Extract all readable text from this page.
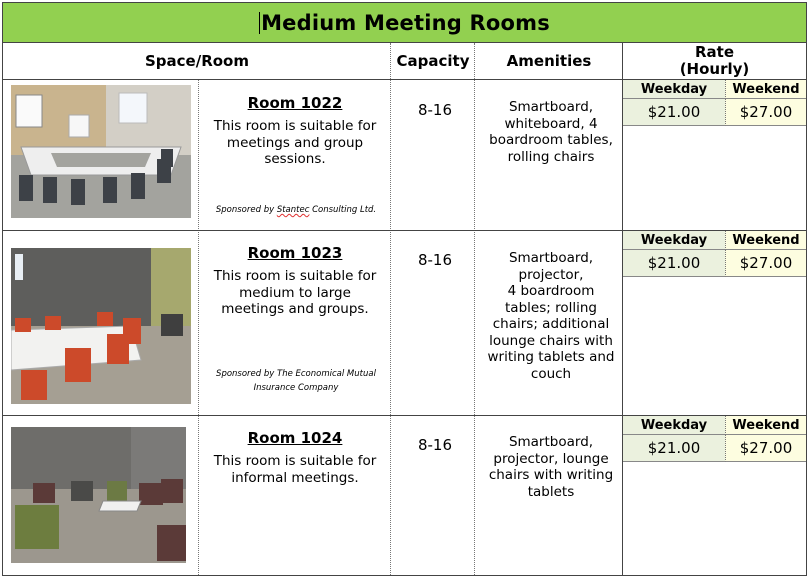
Medium Meeting Rooms
Space/Room	Capacity	Amenities	Rate
(Hourly)
Room 1022
This room is suitable for meetings and group sessions.
Sponsored by Stantec Consulting Ltd.
8-16	Smartboard, whiteboard, 4 boardroom tables, rolling chairs
Weekday	Weekend
$21.00	$27.00
Room 1023
This room is suitable for medium to large meetings and groups.
Sponsored by The Economical Mutual
Insurance Company
8-16	Smartboard,
projector,
4 boardroom
tables; rolling
chairs; additional
lounge chairs with
writing tablets and
couch
Weekday	Weekend
$21.00	$27.00
Room 1024
This room is suitable for informal meetings.
8-16	Smartboard, projector, lounge chairs with writing tablets
Weekday	Weekend
$21.00	$27.00
